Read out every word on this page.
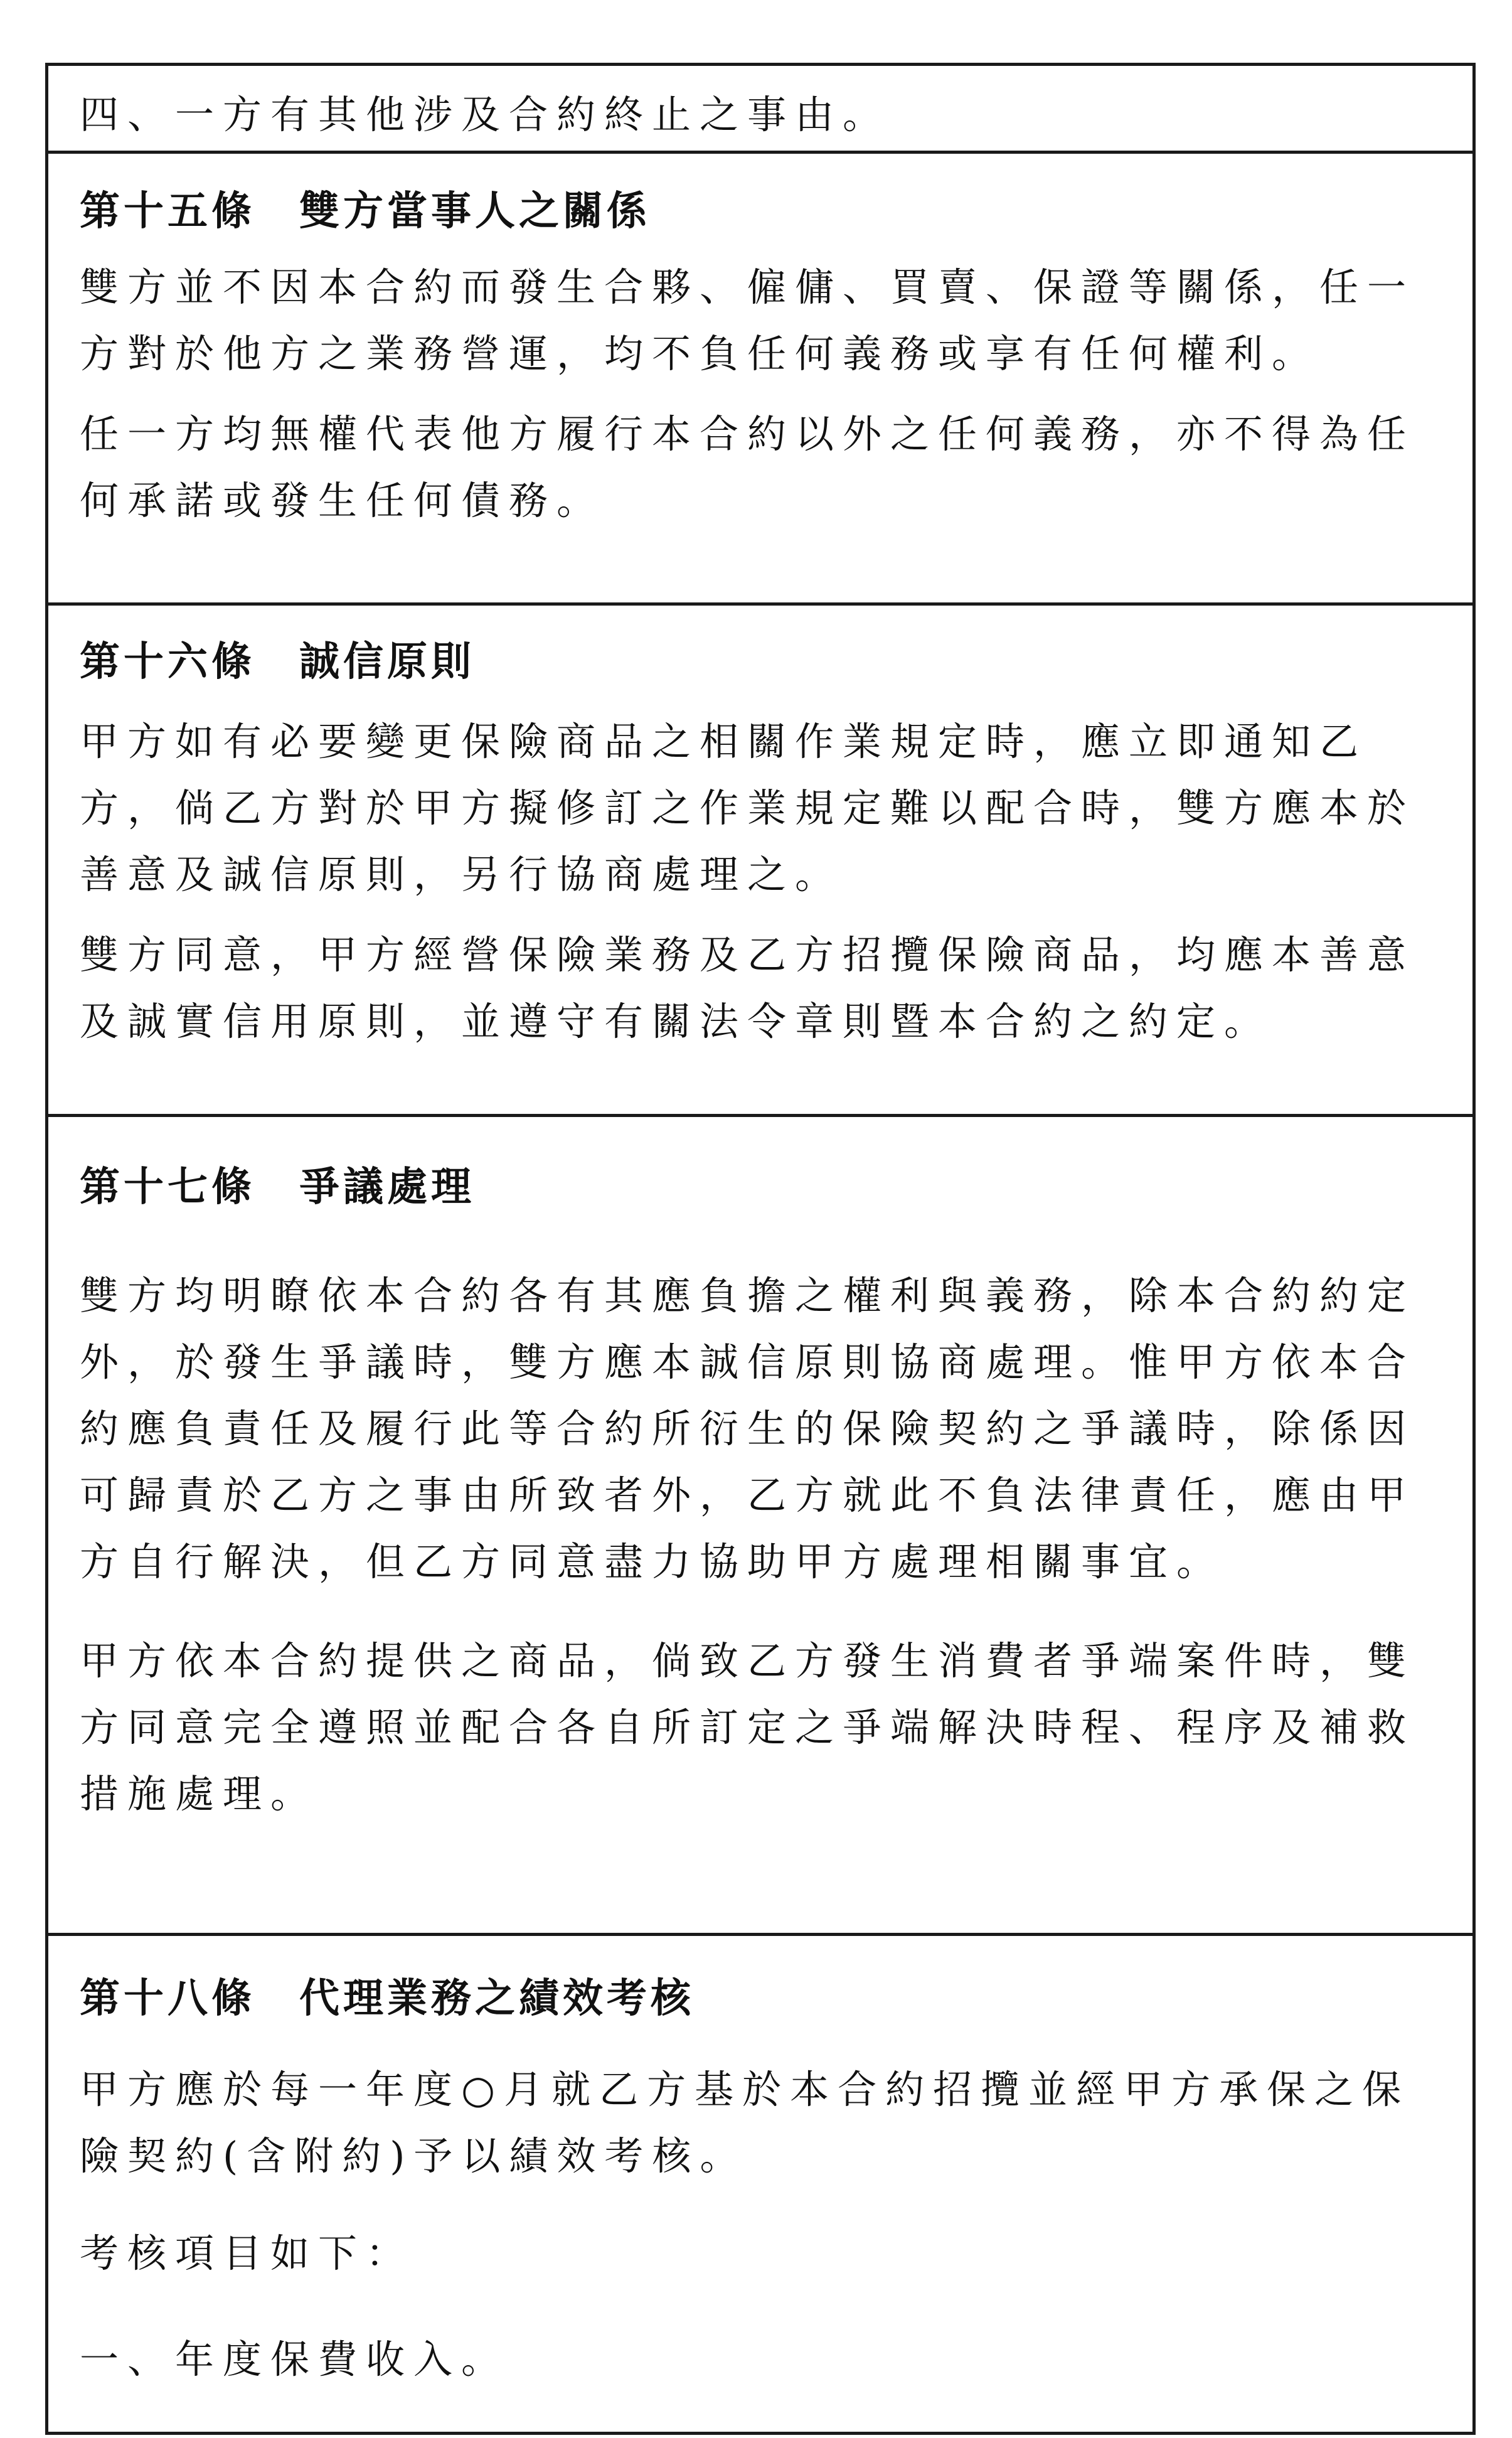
四、一方有其他涉及合約終止之事由。

第十五條　雙方當事人之關係

雙方並不因本合約而發生合夥、僱傭、買賣、保證等關係，任一方對於他方之業務營運，均不負任何義務或享有任何權利。

任一方均無權代表他方履行本合約以外之任何義務，亦不得為任何承諾或發生任何債務。

第十六條　誠信原則

甲方如有必要變更保險商品之相關作業規定時，應立即通知乙方，倘乙方對於甲方擬修訂之作業規定難以配合時，雙方應本於善意及誠信原則，另行協商處理之。

雙方同意，甲方經營保險業務及乙方招攬保險商品，均應本善意及誠實信用原則，並遵守有關法令章則暨本合約之約定。

第十七條　爭議處理

雙方均明瞭依本合約各有其應負擔之權利與義務，除本合約約定外，於發生爭議時，雙方應本誠信原則協商處理。惟甲方依本合約應負責任及履行此等合約所衍生的保險契約之爭議時，除係因可歸責於乙方之事由所致者外，乙方就此不負法律責任，應由甲方自行解決，但乙方同意盡力協助甲方處理相關事宜。

甲方依本合約提供之商品，倘致乙方發生消費者爭端案件時，雙方同意完全遵照並配合各自所訂定之爭端解決時程、程序及補救措施處理。

第十八條　代理業務之績效考核

甲方應於每一年度○月就乙方基於本合約招攬並經甲方承保之保險契約(含附約)予以績效考核。

考核項目如下：

一、年度保費收入。
